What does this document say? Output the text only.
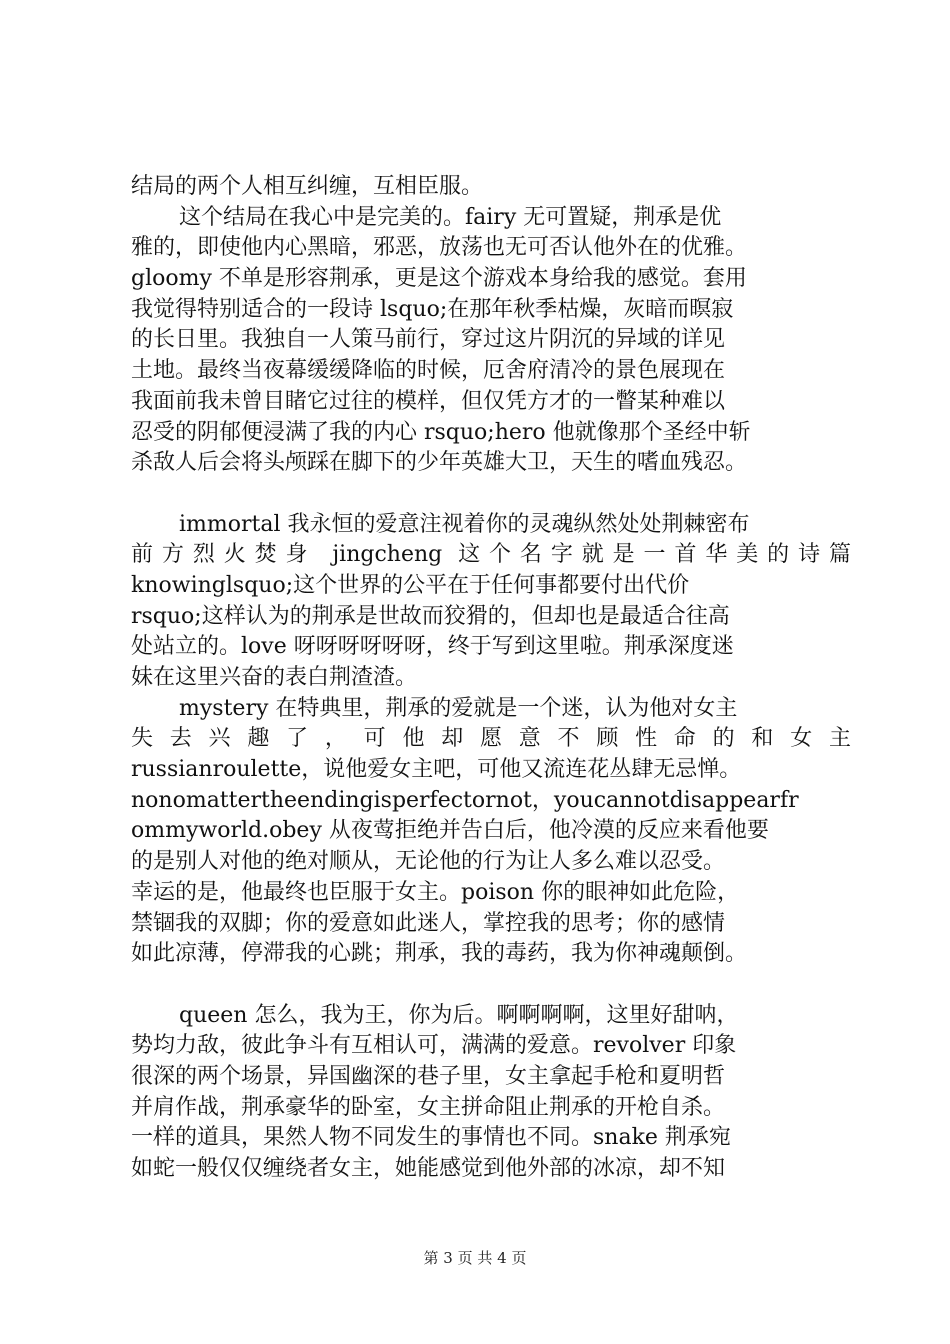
结局的两个人相互纠缠，互相臣服。
这个结局在我心中是完美的。fairy 无可置疑，荆承是优
雅的，即使他内心黑暗，邪恶，放荡也无可否认他外在的优雅。
gloomy 不单是形容荆承，更是这个游戏本身给我的感觉。套用
我觉得特别适合的一段诗 lsquo;在那年秋季枯燥，灰暗而暝寂
的长日里。我独自一人策马前行，穿过这片阴沉的异域的详见
土地。最终当夜幕缓缓降临的时候，厄舍府清冷的景色展现在
我面前我未曾目睹它过往的模样，但仅凭方才的一瞥某种难以
忍受的阴郁便浸满了我的内心 rsquo;hero 他就像那个圣经中斩
杀敌人后会将头颅踩在脚下的少年英雄大卫，天生的嗜血残忍。
immortal 我永恒的爱意注视着你的灵魂纵然处处荆棘密布
前方烈火焚身 jingcheng 这个名字就是一首华美的诗篇
knowinglsquo;这个世界的公平在于任何事都要付出代价
rsquo;这样认为的荆承是世故而狡猾的，但却也是最适合往高
处站立的。love 呀呀呀呀呀呀，终于写到这里啦。荆承深度迷
妹在这里兴奋的表白荆渣渣。
mystery 在特典里，荆承的爱就是一个迷，认为他对女主
失去兴趣了，可他却愿意不顾性命的和女主
russianroulette，说他爱女主吧，可他又流连花丛肆无忌惮。
nonomattertheendingisperfectornot，youcannotdisappearfr
ommyworld.obey 从夜莺拒绝并告白后，他冷漠的反应来看他要
的是别人对他的绝对顺从，无论他的行为让人多么难以忍受。
幸运的是，他最终也臣服于女主。poison 你的眼神如此危险，
禁锢我的双脚；你的爱意如此迷人，掌控我的思考；你的感情
如此凉薄，停滞我的心跳；荆承，我的毒药，我为你神魂颠倒。
queen 怎么，我为王，你为后。啊啊啊啊，这里好甜呐，
势均力敌，彼此争斗有互相认可，满满的爱意。revolver 印象
很深的两个场景，异国幽深的巷子里，女主拿起手枪和夏明哲
并肩作战，荆承豪华的卧室，女主拼命阻止荆承的开枪自杀。
一样的道具，果然人物不同发生的事情也不同。snake 荆承宛
如蛇一般仅仅缠绕者女主，她能感觉到他外部的冰凉，却不知
第 3 页 共 4 页
